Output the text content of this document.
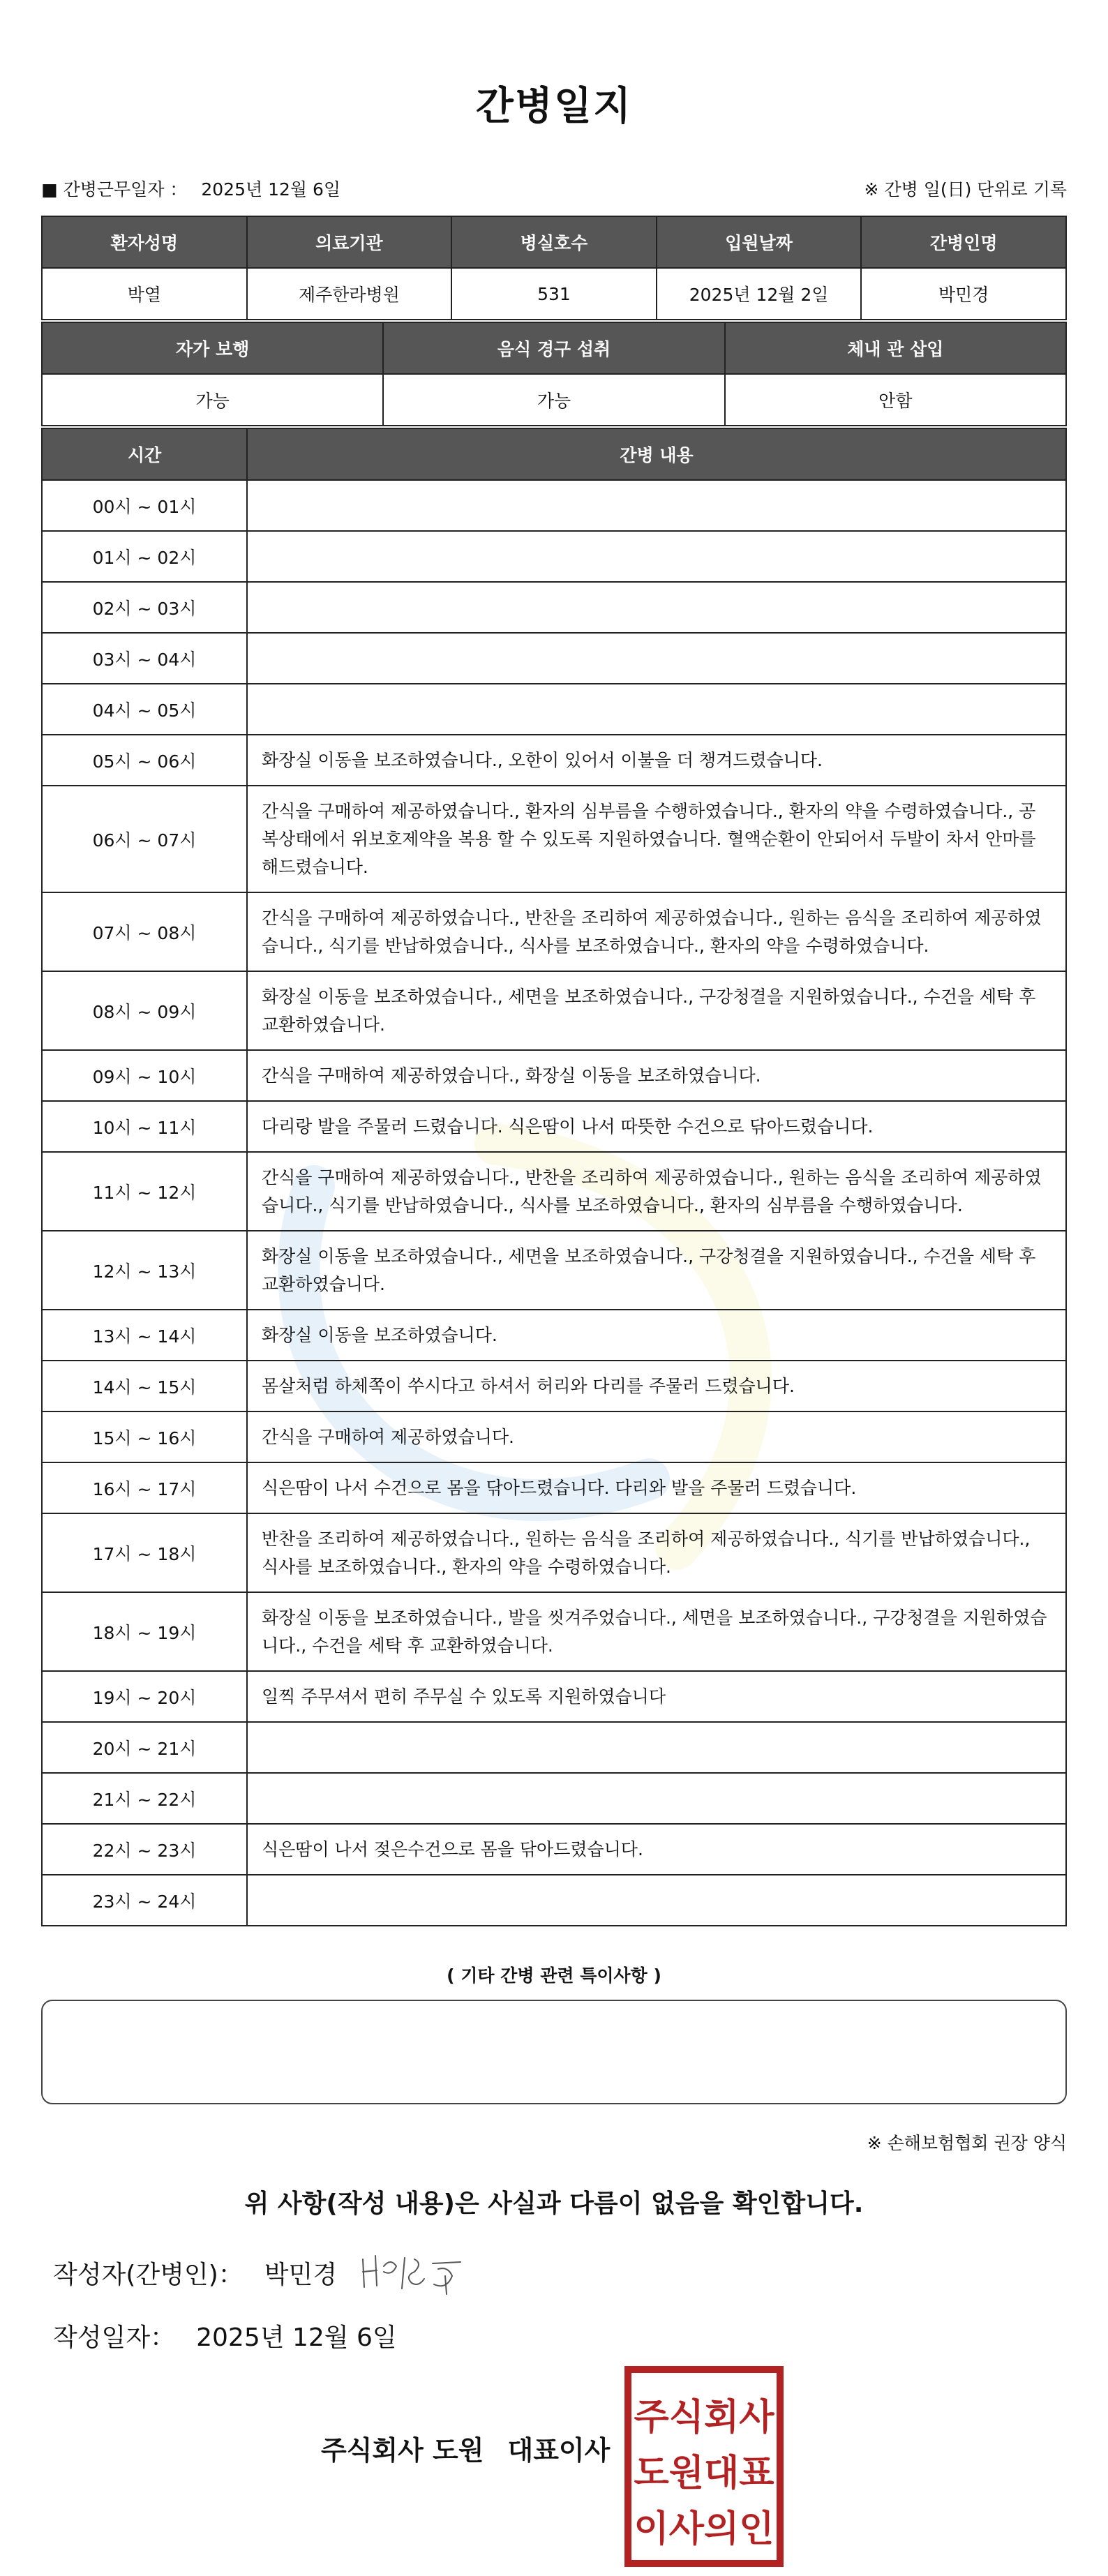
간병일지
■ 간병근무일자 ： 2025년 12월 6일	※ 간병 일(日) 단위로 기록
환자성명	의료기관	병실호수	입원날짜	간병인명
박열	제주한라병원	531	2025년 12월 2일	박민경
자가 보행	음식 경구 섭취	체내 관 삽입
가능	가능	안함
시간	간병 내용
00시 ~ 01시	
01시 ~ 02시	
02시 ~ 03시	
03시 ~ 04시	
04시 ~ 05시	
05시 ~ 06시	화장실 이동을 보조하였습니다., 오한이 있어서 이불을 더 챙겨드렸습니다.
06시 ~ 07시	간식을 구매하여 제공하였습니다., 환자의 심부름을 수행하였습니다., 환자의 약을 수령하였습니다., 공복상태에서 위보호제약을 복용 할 수 있도록 지원하였습니다. 혈액순환이 안되어서 두발이 차서 안마를 해드렸습니다.
07시 ~ 08시	간식을 구매하여 제공하였습니다., 반찬을 조리하여 제공하였습니다., 원하는 음식을 조리하여 제공하였습니다., 식기를 반납하였습니다., 식사를 보조하였습니다., 환자의 약을 수령하였습니다.
08시 ~ 09시	화장실 이동을 보조하였습니다., 세면을 보조하였습니다., 구강청결을 지원하였습니다., 수건을 세탁 후 교환하였습니다.
09시 ~ 10시	간식을 구매하여 제공하였습니다., 화장실 이동을 보조하였습니다.
10시 ~ 11시	다리랑 발을 주물러 드렸습니다. 식은땀이 나서 따뜻한 수건으로 닦아드렸습니다.
11시 ~ 12시	간식을 구매하여 제공하였습니다., 반찬을 조리하여 제공하였습니다., 원하는 음식을 조리하여 제공하였습니다., 식기를 반납하였습니다., 식사를 보조하였습니다., 환자의 심부름을 수행하였습니다.
12시 ~ 13시	화장실 이동을 보조하였습니다., 세면을 보조하였습니다., 구강청결을 지원하였습니다., 수건을 세탁 후 교환하였습니다.
13시 ~ 14시	화장실 이동을 보조하였습니다.
14시 ~ 15시	몸살처럼 하체쪽이 쑤시다고 하셔서 허리와 다리를 주물러 드렸습니다.
15시 ~ 16시	간식을 구매하여 제공하였습니다.
16시 ~ 17시	식은땀이 나서 수건으로 몸을 닦아드렸습니다. 다리와 발을 주물러 드렸습니다.
17시 ~ 18시	반찬을 조리하여 제공하였습니다., 원하는 음식을 조리하여 제공하였습니다., 식기를 반납하였습니다., 식사를 보조하였습니다., 환자의 약을 수령하였습니다.
18시 ~ 19시	화장실 이동을 보조하였습니다., 발을 씻겨주었습니다., 세면을 보조하였습니다., 구강청결을 지원하였습니다., 수건을 세탁 후 교환하였습니다.
19시 ~ 20시	일찍 주무셔서 편히 주무실 수 있도록 지원하였습니다
20시 ~ 21시	
21시 ~ 22시	
22시 ~ 23시	식은땀이 나서 젖은수건으로 몸을 닦아드렸습니다.
23시 ~ 24시	
( 기타 간병 관련 특이사항 )
※ 손해보험협회 권장 양식
위 사항(작성 내용)은 사실과 다름이 없음을 확인합니다.
작성자(간병인)： 박민경
작성일자： 2025년 12월 6일
주식회사 도원 대표이사
주식회사
도원대표
이사의인
